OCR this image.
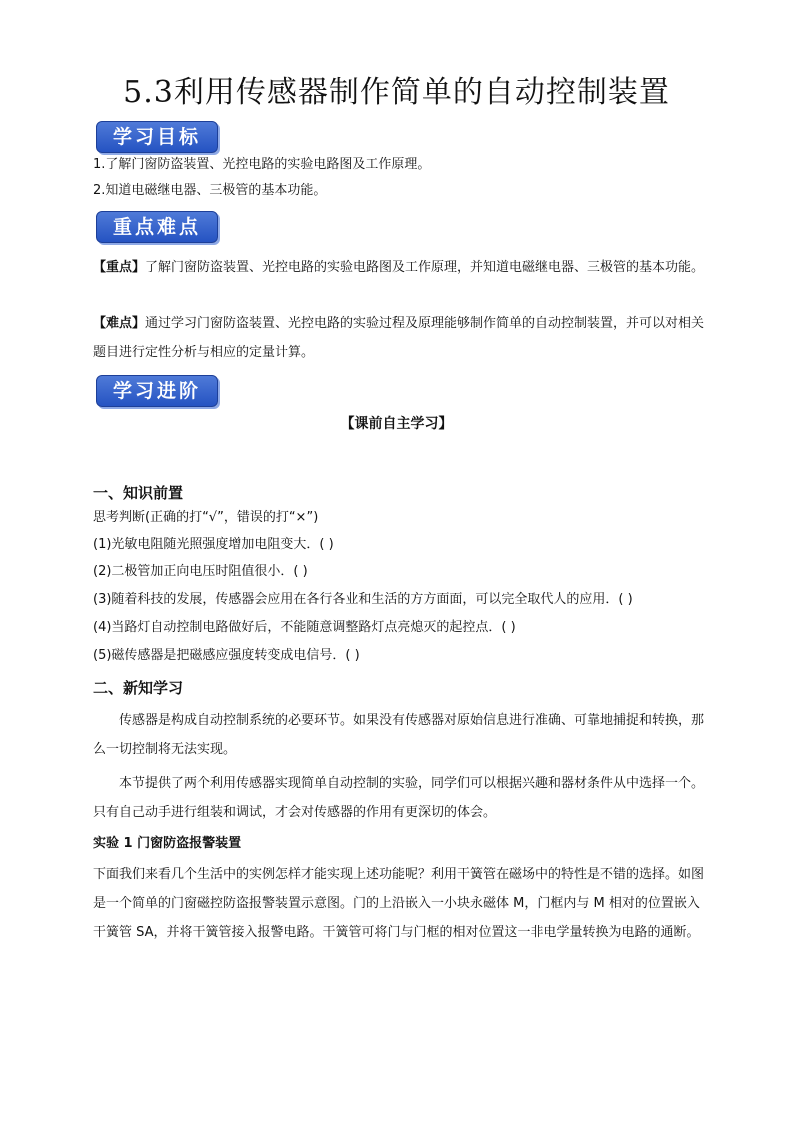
5.3利用传感器制作简单的自动控制装置
学习目标
1.了解门窗防盗装置、光控电路的实验电路图及工作原理。
2.知道电磁继电器、三极管的基本功能。
重点难点
【重点】了解门窗防盗装置、光控电路的实验电路图及工作原理，并知道电磁继电器、三极管的基本功能。
【难点】通过学习门窗防盗装置、光控电路的实验过程及原理能够制作简单的自动控制装置，并可以对相关题目进行定性分析与相应的定量计算。
学习进阶
【课前自主学习】
一、知识前置
思考判断(正确的打“√”，错误的打“×”)
(1)光敏电阻随光照强度增加电阻变大．( )
(2)二极管加正向电压时阻值很小．( )
(3)随着科技的发展，传感器会应用在各行各业和生活的方方面面，可以完全取代人的应用．( )
(4)当路灯自动控制电路做好后，不能随意调整路灯点亮熄灭的起控点．( )
(5)磁传感器是把磁感应强度转变成电信号．( )
二、新知学习
传感器是构成自动控制系统的必要环节。如果没有传感器对原始信息进行准确、可靠地捕捉和转换，那么一切控制将无法实现。
本节提供了两个利用传感器实现简单自动控制的实验，同学们可以根据兴趣和器材条件从中选择一个。只有自己动手进行组装和调试，才会对传感器的作用有更深切的体会。
实验 1 门窗防盗报警装置
下面我们来看几个生活中的实例怎样才能实现上述功能呢？利用干簧管在磁场中的特性是不错的选择。如图是一个简单的门窗磁控防盗报警装置示意图。门的上沿嵌入一小块永磁体 M，门框内与 M 相对的位置嵌入干簧管 SA，并将干簧管接入报警电路。干簧管可将门与门框的相对位置这一非电学量转换为电路的通断。
